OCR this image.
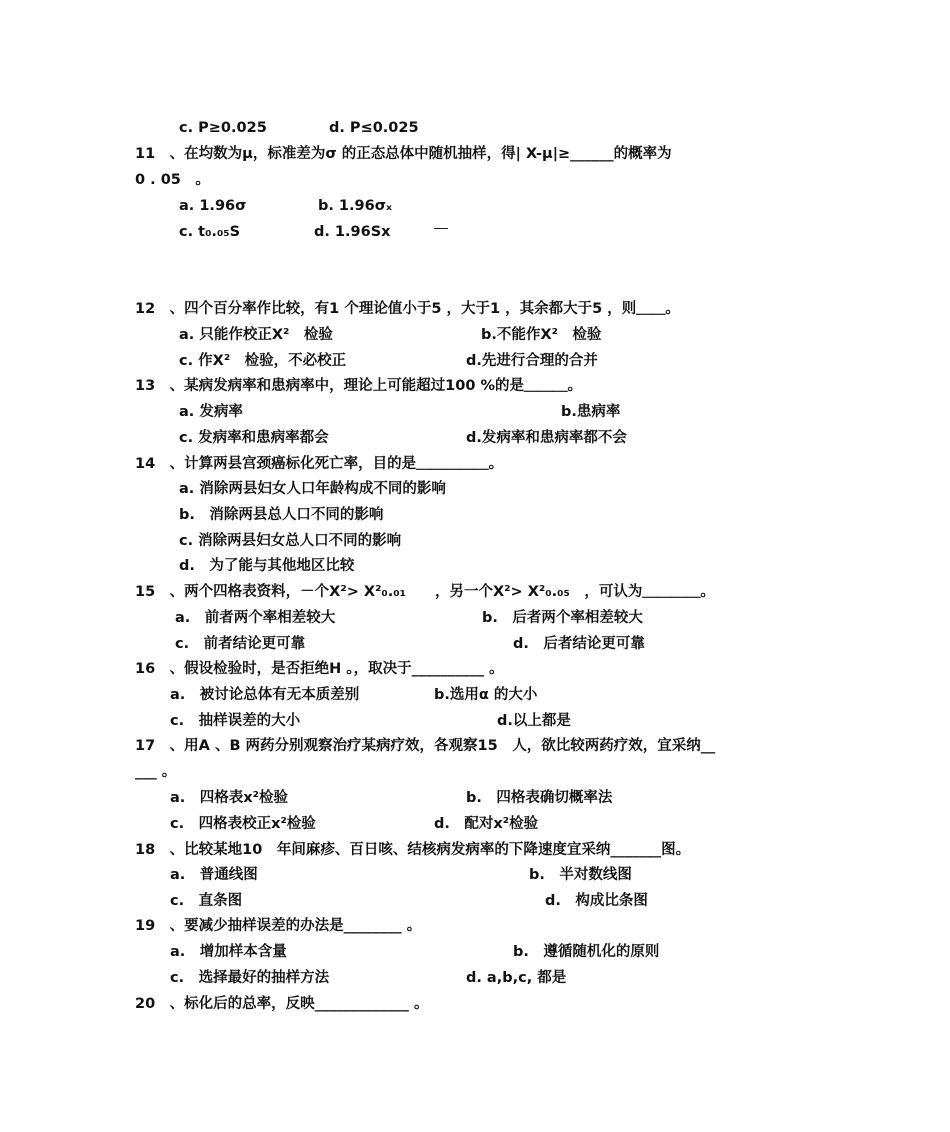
c. P≥0.025	d. P≤0.025
11　、在均数为μ，标准差为σ 的正态总体中随机抽样，得| X-μ|≥______的概率为
0 . 05　。
a. 1.96σ	b. 1.96σₓ
c. t₀.₀₅S	d. 1.96Sx
12　、四个百分率作比较，有1 个理论值小于5 ，大于1 ，其余都大于5 ，则＿＿。
a. 只能作校正X²　检验	b.不能作X²　检验
c. 作X²　检验，不必校正	d.先进行合理的合并
13　、某病发病率和患病率中，理论上可能超过100 %的是＿＿＿。
a. 发病率	b.患病率
c. 发病率和患病率都会	d.发病率和患病率都不会
14　、计算两县宫颈癌标化死亡率，目的是＿＿＿＿＿。
a. 消除两县妇女人口年龄构成不同的影响
b.　消除两县总人口不同的影响
c. 消除两县妇女总人口不同的影响
d.　为了能与其他地区比较
15　、两个四格表资料，－个X²> X²₀.₀₁　　，另一个X²> X²₀.₀₅　，可认为＿＿＿＿。
a.　前者两个率相差较大	b.　后者两个率相差较大
c.　前者结论更可靠	d.　后者结论更可靠
16　、假设检验时，是否拒绝H 。，取决于__________ 。
a.　被讨论总体有无本质差别	b.选用α 的大小
c.　抽样误差的大小	d.以上都是
17　、用A 、B 两药分别观察治疗某病疗效，各观察15　人，欲比较两药疗效，宜采纳__
___ 。
a.　四格表x²检验	b.　四格表确切概率法
c.　四格表校正x²检验	d.　配对x²检验
18　、比较某地10　年间麻疹、百日咳、结核病发病率的下降速度宜采纳_______图。
a.　普通线图	b.　半对数线图
c.　直条图	d.　构成比条图
19　、要减少抽样误差的办法是________ 。
a.　增加样本含量	b.　遵循随机化的原则
c.　选择最好的抽样方法	d. a,b,c, 都是
20　、标化后的总率，反映_____________ 。
